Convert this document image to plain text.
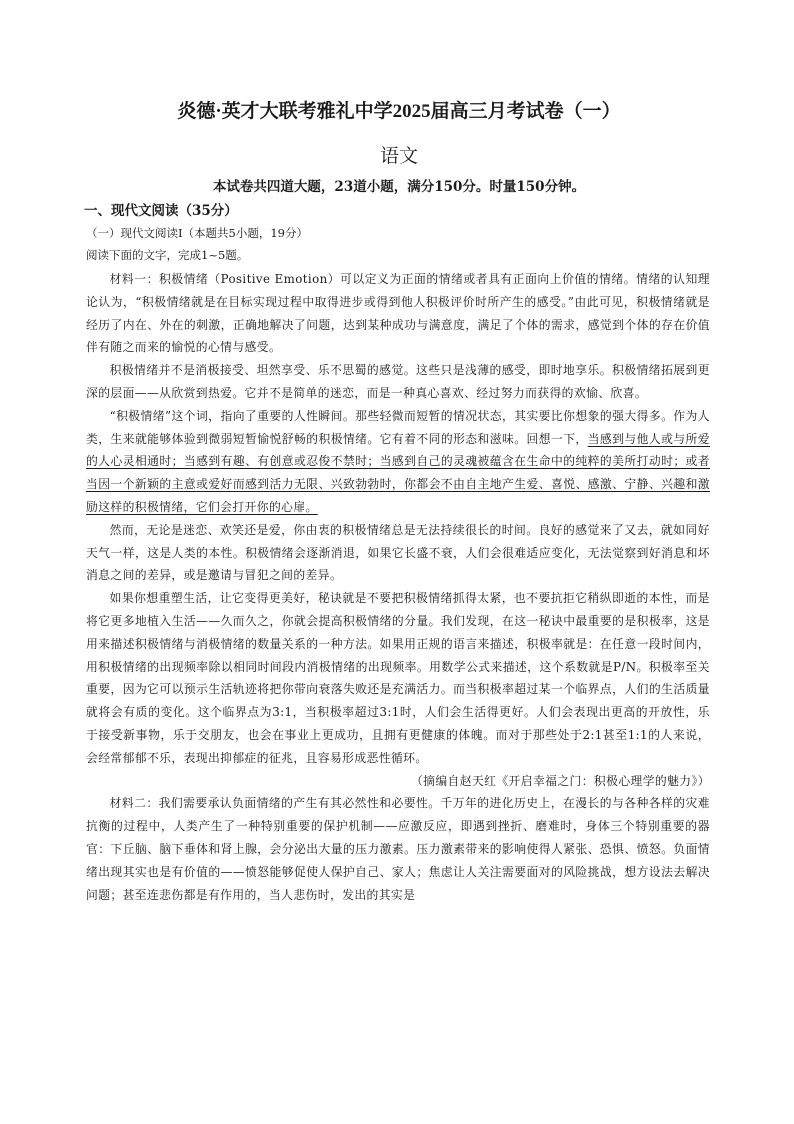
炎德·英才大联考雅礼中学2025届高三月考试卷（一）
语文
本试卷共四道大题，23道小题，满分150分。时量150分钟。
一、现代文阅读（35分）
（一）现代文阅读Ⅰ（本题共5小题，19分）
阅读下面的文字，完成1~5题。

材料一：积极情绪（Positive Emotion）可以定义为正面的情绪或者具有正面向上价值的情绪。情绪的认知理论认为，“积极情绪就是在目标实现过程中取得进步或得到他人积极评价时所产生的感受。”由此可见，积极情绪就是经历了内在、外在的刺激，正确地解决了问题，达到某种成功与满意度，满足了个体的需求，感觉到个体的存在价值伴有随之而来的愉悦的心情与感受。

积极情绪并不是消极接受、坦然享受、乐不思蜀的感觉。这些只是浅薄的感受，即时地享乐。积极情绪拓展到更深的层面——从欣赏到热爱。它并不是简单的迷恋，而是一种真心喜欢、经过努力而获得的欢愉、欣喜。

“积极情绪”这个词，指向了重要的人性瞬间。那些轻微而短暂的情况状态，其实要比你想象的强大得多。作为人类，生来就能够体验到微弱短暂愉悦舒畅的积极情绪。它有着不同的形态和滋味。回想一下，当感到与他人或与所爱的人心灵相通时；当感到有趣、有创意或忍俊不禁时；当感到自己的灵魂被蕴含在生命中的纯粹的美所打动时；或者当因一个新颖的主意或爱好而感到活力无限、兴致勃勃时，你都会不由自主地产生爱、喜悦、感激、宁静、兴趣和激励这样的积极情绪，它们会打开你的心扉。

然而，无论是迷恋、欢笑还是爱，你由衷的积极情绪总是无法持续很长的时间。良好的感觉来了又去，就如同好天气一样，这是人类的本性。积极情绪会逐渐消退，如果它长盛不衰，人们会很难适应变化，无法觉察到好消息和坏消息之间的差异，或是邀请与冒犯之间的差异。

如果你想重塑生活，让它变得更美好，秘诀就是不要把积极情绪抓得太紧，也不要抗拒它稍纵即逝的本性，而是将它更多地植入生活——久而久之，你就会提高积极情绪的分量。我们发现，在这一秘诀中最重要的是积极率，这是用来描述积极情绪与消极情绪的数量关系的一种方法。如果用正规的语言来描述，积极率就是：在任意一段时间内，用积极情绪的出现频率除以相同时间段内消极情绪的出现频率。用数学公式来描述，这个系数就是P/N。积极率至关重要，因为它可以预示生活轨迹将把你带向衰落失败还是充满活力。而当积极率超过某一个临界点，人们的生活质量就将会有质的变化。这个临界点为3:1，当积极率超过3:1时，人们会生活得更好。人们会表现出更高的开放性，乐于接受新事物，乐于交朋友，也会在事业上更成功，且拥有更健康的体魄。而对于那些处于2:1甚至1:1的人来说，会经常郁郁不乐，表现出抑郁症的征兆，且容易形成恶性循环。

（摘编自赵天红《开启幸福之门：积极心理学的魅力》）

材料二：我们需要承认负面情绪的产生有其必然性和必要性。千万年的进化历史上，在漫长的与各种各样的灾难抗衡的过程中，人类产生了一种特别重要的保护机制——应激反应，即遇到挫折、磨难时，身体三个特别重要的器官：下丘脑、脑下垂体和肾上腺，会分泌出大量的压力激素。压力激素带来的影响使得人紧张、恐惧、愤怒。负面情绪出现其实也是有价值的——愤怒能够促使人保护自己、家人；焦虑让人关注需要面对的风险挑战，想方设法去解决问题；甚至连悲伤都是有作用的，当人悲伤时，发出的其实是
